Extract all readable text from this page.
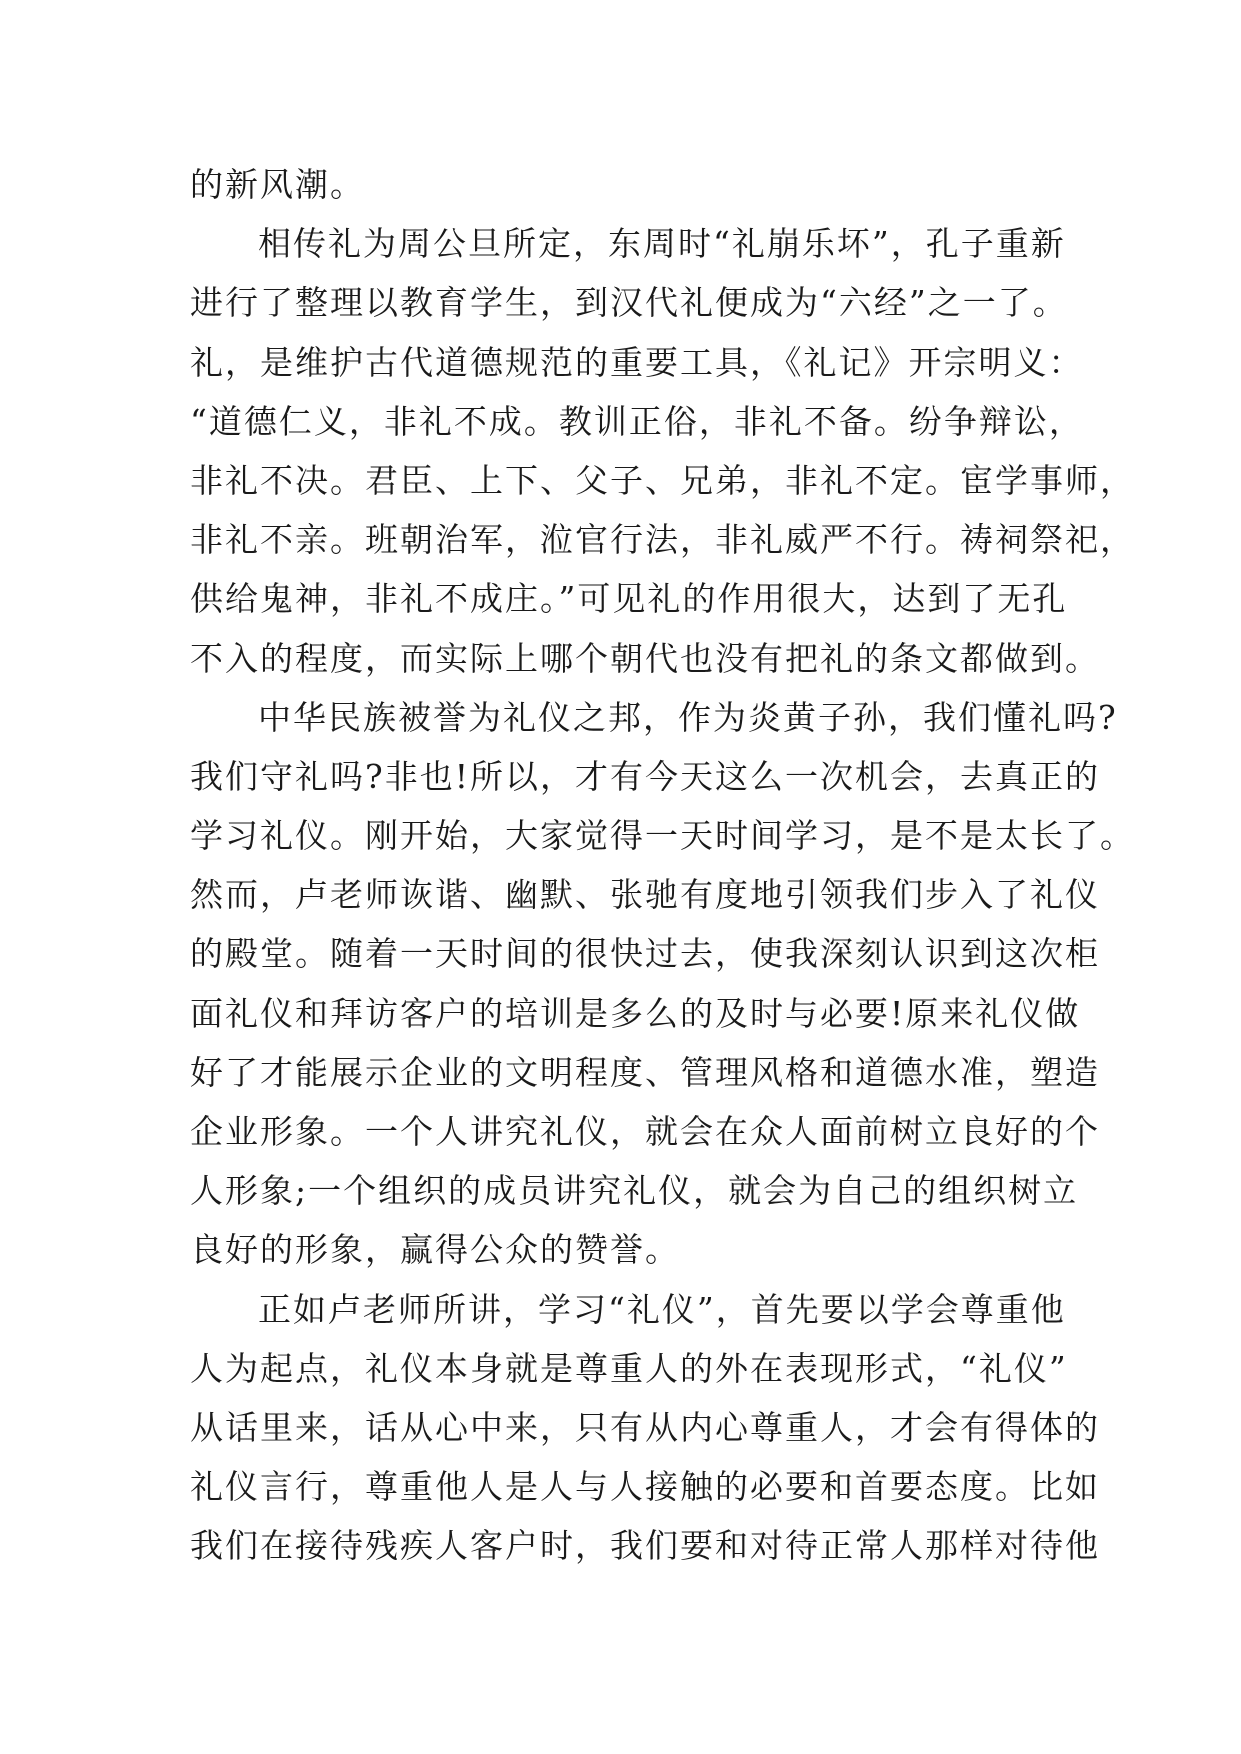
的新风潮。
相传礼为周公旦所定，东周时“礼崩乐坏”，孔子重新
进行了整理以教育学生，到汉代礼便成为“六经”之一了。
礼，是维护古代道德规范的重要工具，《礼记》开宗明义：
“道德仁义，非礼不成。教训正俗，非礼不备。纷争辩讼，
非礼不决。君臣、上下、父子、兄弟，非礼不定。宦学事师，
非礼不亲。班朝治军，涖官行法，非礼威严不行。祷祠祭祀，
供给鬼神，非礼不成庄。”可见礼的作用很大，达到了无孔
不入的程度，而实际上哪个朝代也没有把礼的条文都做到。
中华民族被誉为礼仪之邦，作为炎黄子孙，我们懂礼吗?
我们守礼吗?非也!所以，才有今天这么一次机会，去真正的
学习礼仪。刚开始，大家觉得一天时间学习，是不是太长了。
然而，卢老师诙谐、幽默、张驰有度地引领我们步入了礼仪
的殿堂。随着一天时间的很快过去，使我深刻认识到这次柜
面礼仪和拜访客户的培训是多么的及时与必要!原来礼仪做
好了才能展示企业的文明程度、管理风格和道德水准，塑造
企业形象。一个人讲究礼仪，就会在众人面前树立良好的个
人形象;一个组织的成员讲究礼仪，就会为自己的组织树立
良好的形象，赢得公众的赞誉。
正如卢老师所讲，学习“礼仪”，首先要以学会尊重他
人为起点，礼仪本身就是尊重人的外在表现形式，“礼仪”
从话里来，话从心中来，只有从内心尊重人，才会有得体的
礼仪言行，尊重他人是人与人接触的必要和首要态度。比如
我们在接待残疾人客户时，我们要和对待正常人那样对待他
